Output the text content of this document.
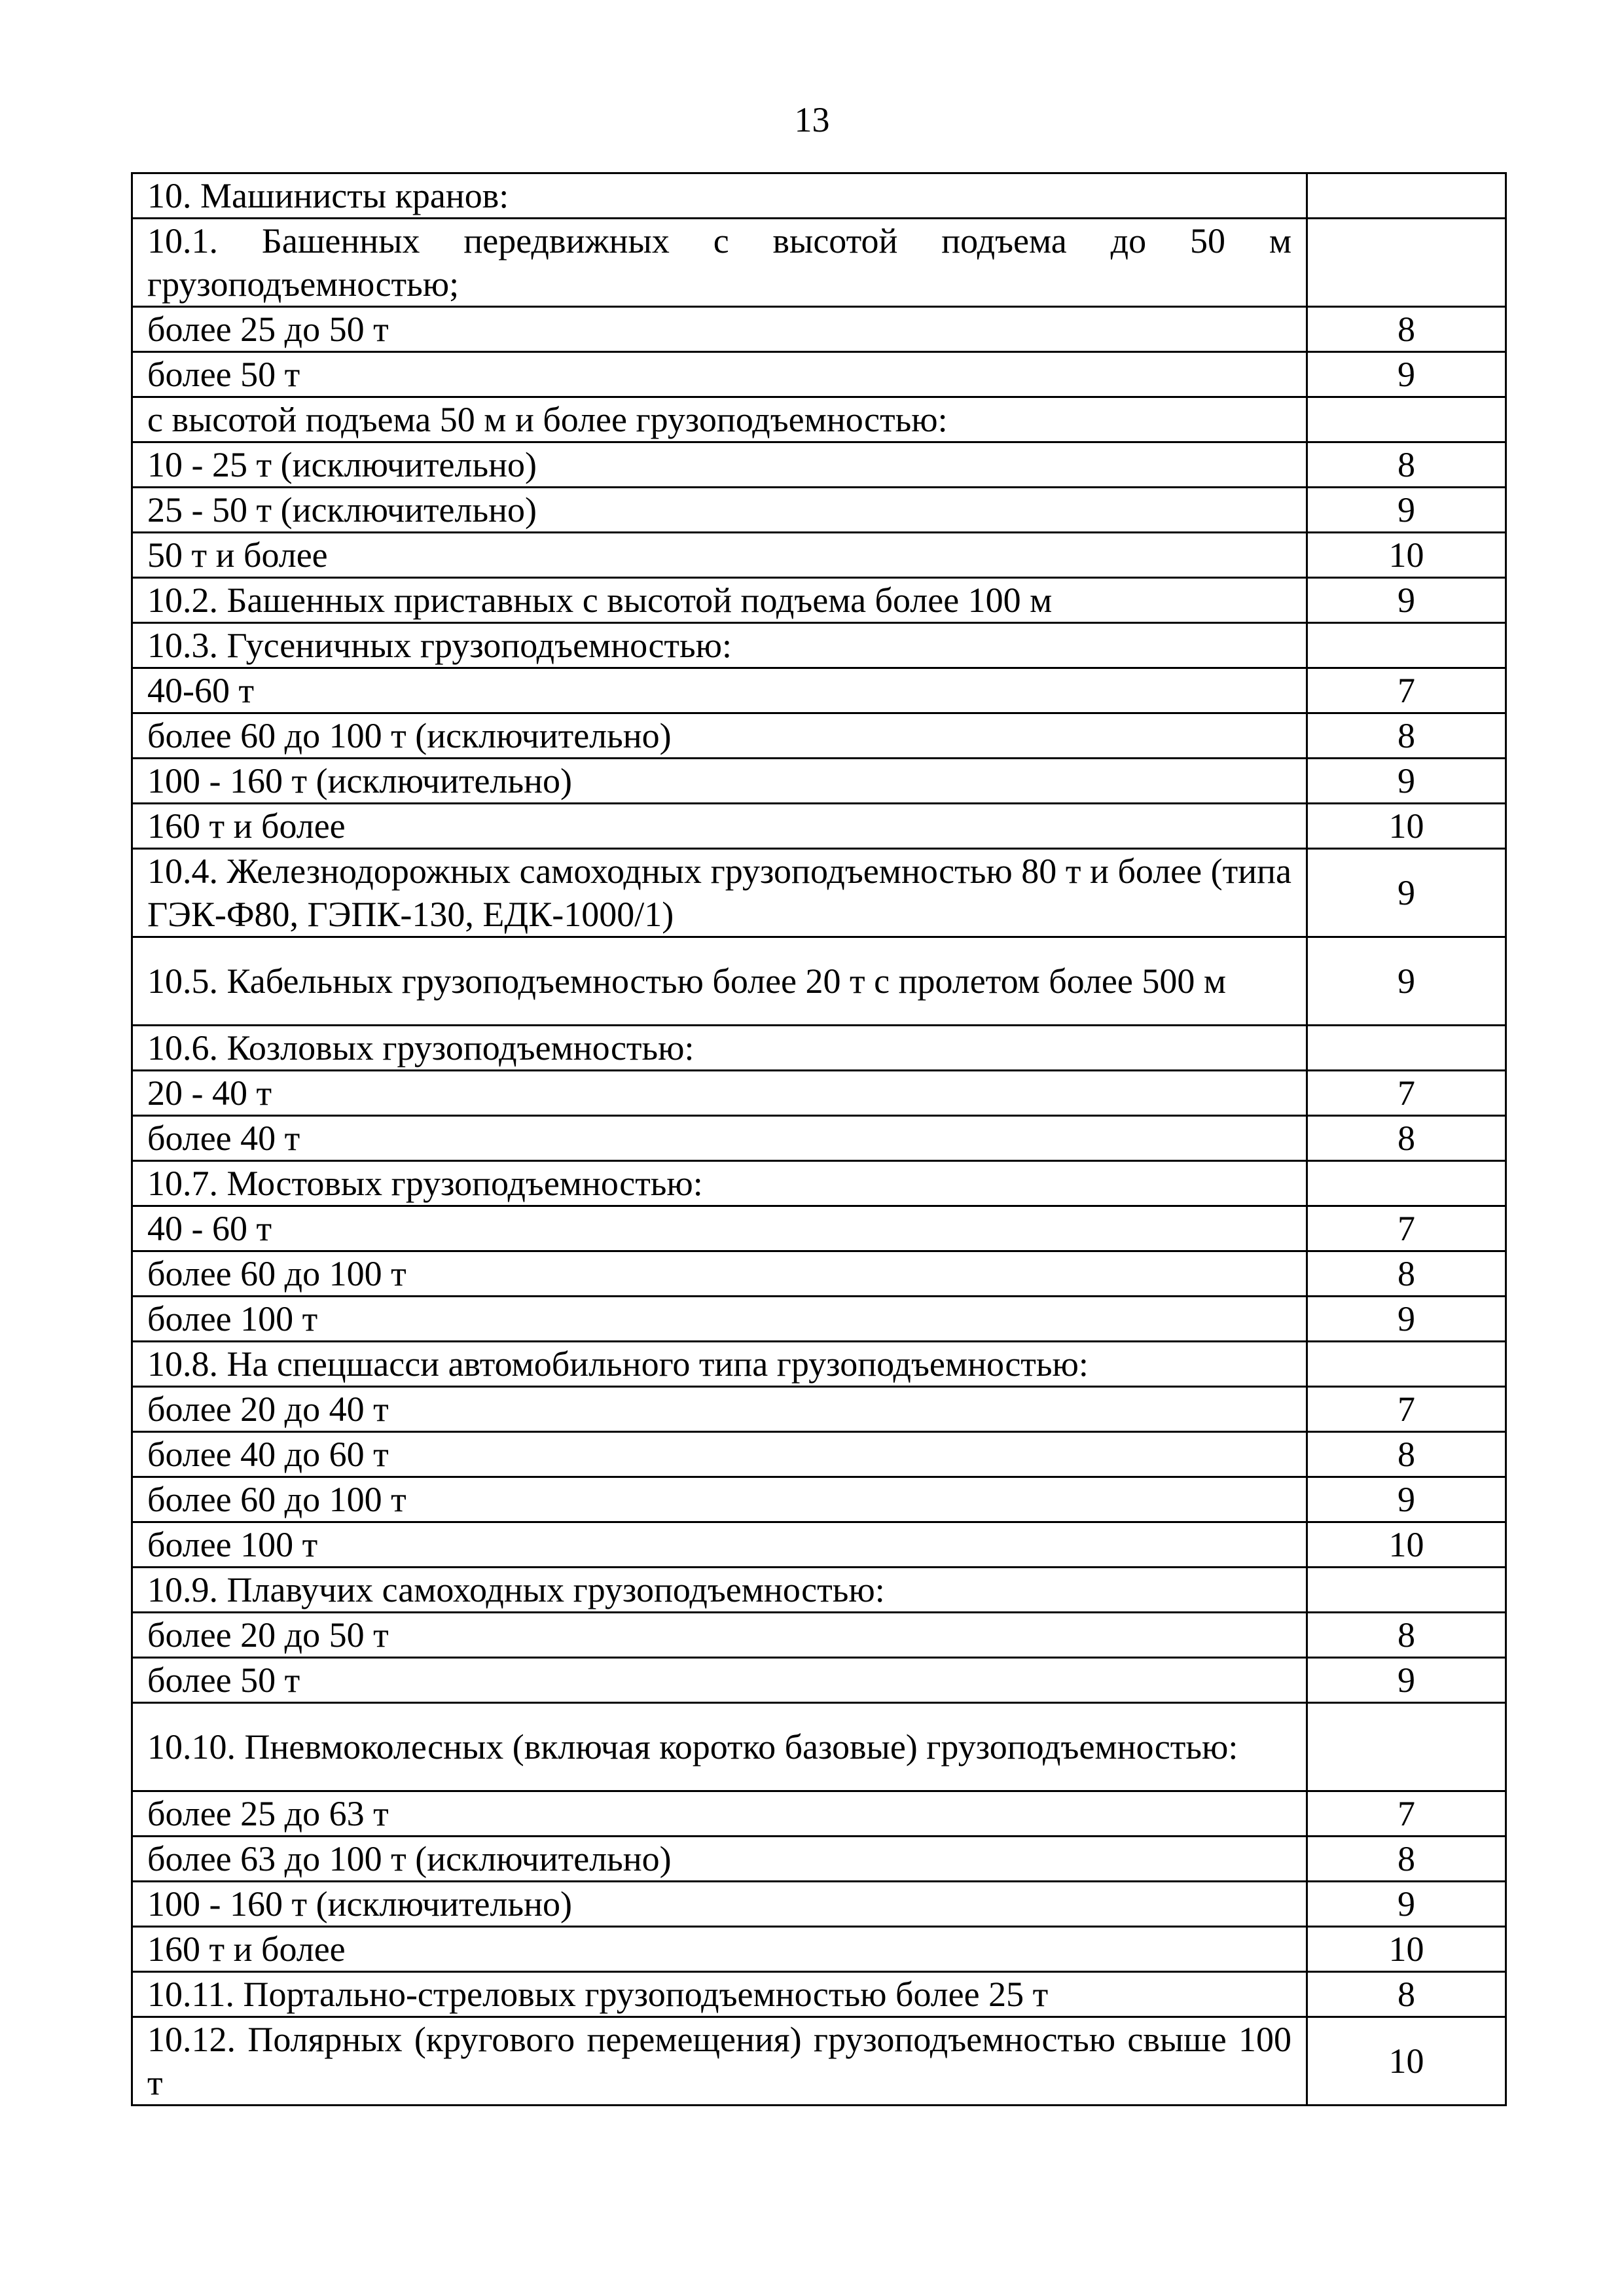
13
10. Машинисты кранов:	
10.1. Башенных передвижных с высотой подъема до 50 м грузоподъемностью;	
более 25 до 50 т	8
более 50 т	9
с высотой подъема 50 м и более грузоподъемностью:	
10 - 25 т (исключительно)	8
25 - 50 т (исключительно)	9
50 т и более	10
10.2. Башенных приставных с высотой подъема более 100 м	9
10.3. Гусеничных грузоподъемностью:	
40-60 т	7
более 60 до 100 т (исключительно)	8
100 - 160 т (исключительно)	9
160 т и более	10
10.4. Железнодорожных самоходных грузоподъемностью 80 т и более (типа ГЭК-Ф80, ГЭПК-130, ЕДК-1000/1)	9
10.5. Кабельных грузоподъемностью более 20 т с пролетом более 500 м	9
10.6. Козловых грузоподъемностью:	
20 - 40 т	7
более 40 т	8
10.7. Мостовых грузоподъемностью:	
40 - 60 т	7
более 60 до 100 т	8
более 100 т	9
10.8. На спецшасси автомобильного типа грузоподъемностью:	
более 20 до 40 т	7
более 40 до 60 т	8
более 60 до 100 т	9
более 100 т	10
10.9. Плавучих самоходных грузоподъемностью:	
более 20 до 50 т	8
более 50 т	9
10.10. Пневмоколесных (включая коротко базовые) грузоподъемностью:	
более 25 до 63 т	7
более 63 до 100 т (исключительно)	8
100 - 160 т (исключительно)	9
160 т и более	10
10.11. Портально-стреловых грузоподъемностью более 25 т	8
10.12. Полярных (кругового перемещения) грузоподъемностью свыше 100 т	10
